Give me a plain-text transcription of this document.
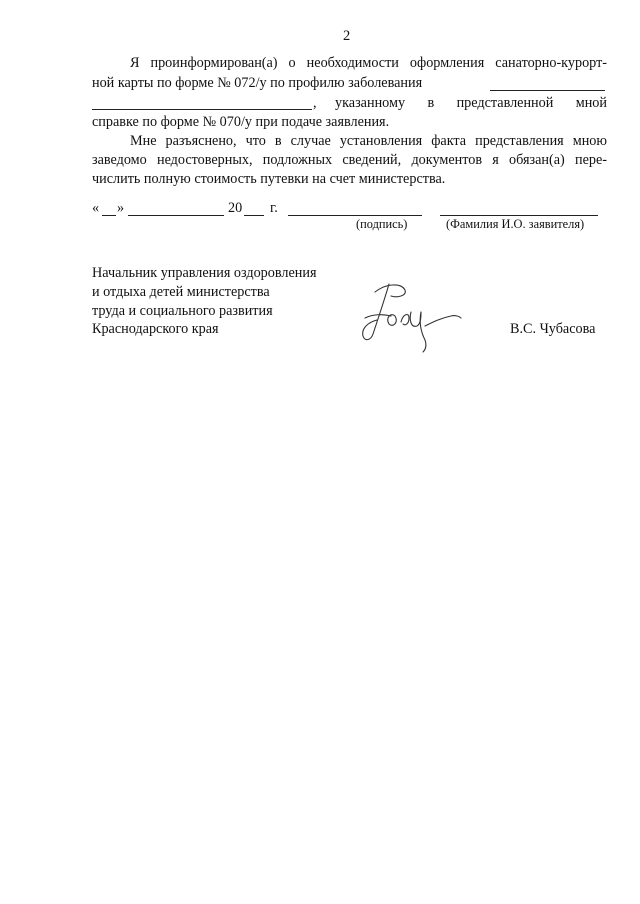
2
Я проинформирован(а) о необходимости оформления санаторно-курорт-
ной карты по форме № 072/у по профилю заболевания
, указанному в представленной мной
справке по форме № 070/у при подаче заявления.
Мне разъяснено, что в случае установления факта представления мною
заведомо недостоверных, подложных сведений, документов я обязан(а) пере-
числить полную стоимость путевки на счет министерства.
« »	20 г.
(подпись)	(Фамилия И.О. заявителя)
Начальник управления оздоровления
и отдыха детей министерства
труда и социального развития
Краснодарского края	В.С. Чубасова
